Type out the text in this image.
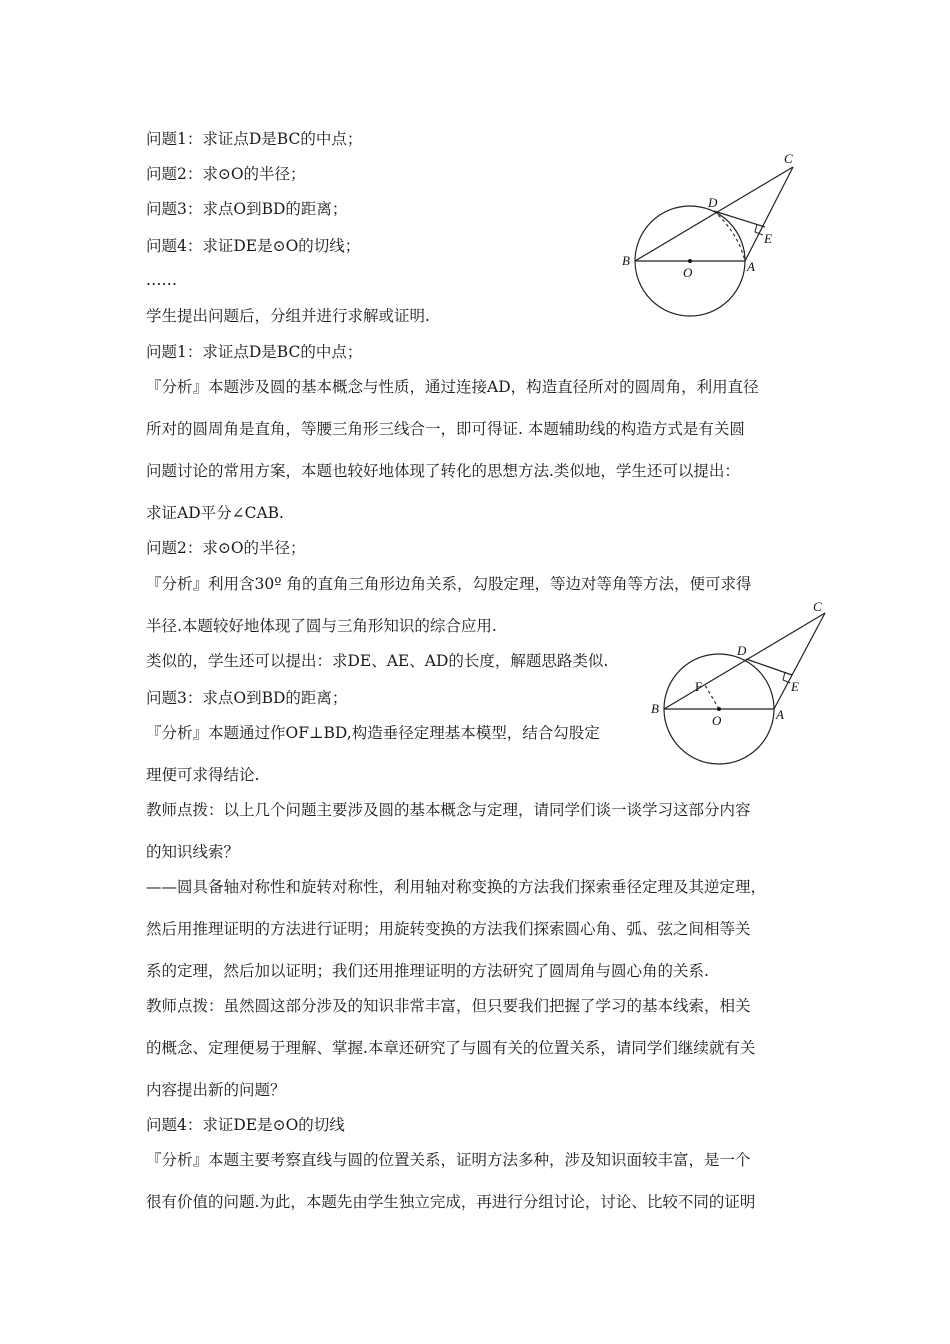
问题1：求证点D是BC的中点；
问题2：求⊙O的半径；
问题3：求点O到BD的距离；
问题4：求证DE是⊙O的切线；
……
学生提出问题后，分组并进行求解或证明.
问题1：求证点D是BC的中点；
『分析』本题涉及圆的基本概念与性质，通过连接AD，构造直径所对的圆周角，利用直径
所对的圆周角是直角，等腰三角形三线合一，即可得证. 本题辅助线的构造方式是有关圆
问题讨论的常用方案，本题也较好地体现了转化的思想方法.类似地，学生还可以提出：
求证AD平分∠CAB.
问题2：求⊙O的半径；
『分析』利用含30º 角的直角三角形边角关系，勾股定理，等边对等角等方法，便可求得
半径.本题较好地体现了圆与三角形知识的综合应用.
类似的，学生还可以提出：求DE、AE、AD的长度，解题思路类似.
问题3：求点O到BD的距离；
『分析』本题通过作OF⊥BD,构造垂径定理基本模型，结合勾股定
理便可求得结论.
教师点拨：以上几个问题主要涉及圆的基本概念与定理，请同学们谈一谈学习这部分内容
的知识线索？
——圆具备轴对称性和旋转对称性，利用轴对称变换的方法我们探索垂径定理及其逆定理，
然后用推理证明的方法进行证明；用旋转变换的方法我们探索圆心角、弧、弦之间相等关
系的定理，然后加以证明；我们还用推理证明的方法研究了圆周角与圆心角的关系.
教师点拨：虽然圆这部分涉及的知识非常丰富，但只要我们把握了学习的基本线索，相关
的概念、定理便易于理解、掌握.本章还研究了与圆有关的位置关系，请同学们继续就有关
内容提出新的问题？
问题4：求证DE是⊙O的切线
『分析』本题主要考察直线与圆的位置关系，证明方法多种，涉及知识面较丰富，是一个
很有价值的问题.为此，本题先由学生独立完成，再进行分组讨论，讨论、比较不同的证明
C
D
E
B
O	A
C
D
E
F
B
O	A
